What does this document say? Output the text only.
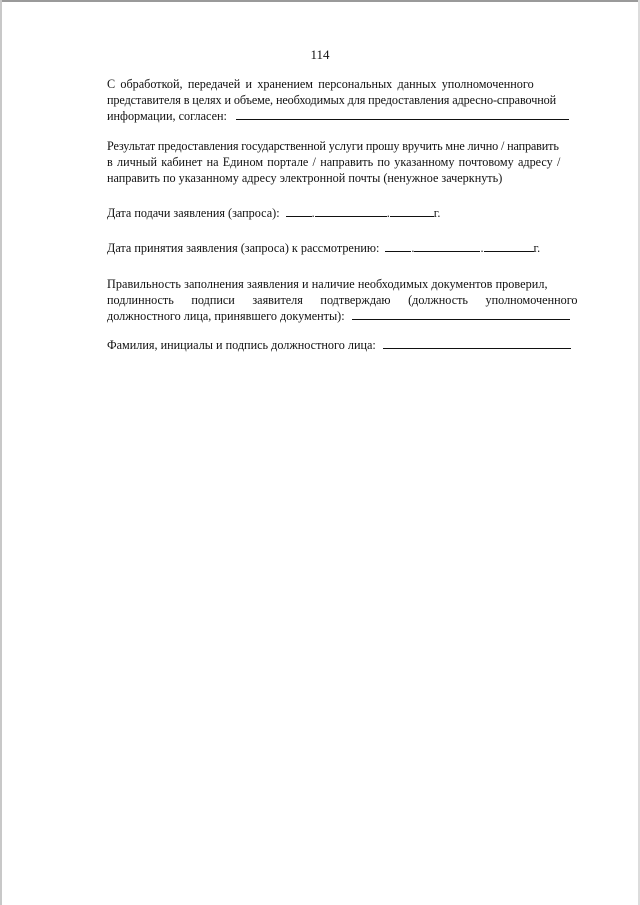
114
С обработкой, передачей и хранением персональных данных уполномоченного
представителя в целях и объеме, необходимых для предоставления адресно-справочной
информации, согласен:
Результат предоставления государственной услуги прошу вручить мне лично / направить
в личный кабинет на Едином портале / направить по указанному почтовому адресу /
направить по указанному адресу электронной почты (ненужное зачеркнуть)
Дата подачи заявления (запроса):	.	.	г.
Дата принятия заявления (запроса) к рассмотрению:	.	.	г.
Правильность заполнения заявления и наличие необходимых документов проверил,
подлинность подписи заявителя подтверждаю (должность уполномоченного
должностного лица, принявшего документы):
Фамилия, инициалы и подпись должностного лица:
